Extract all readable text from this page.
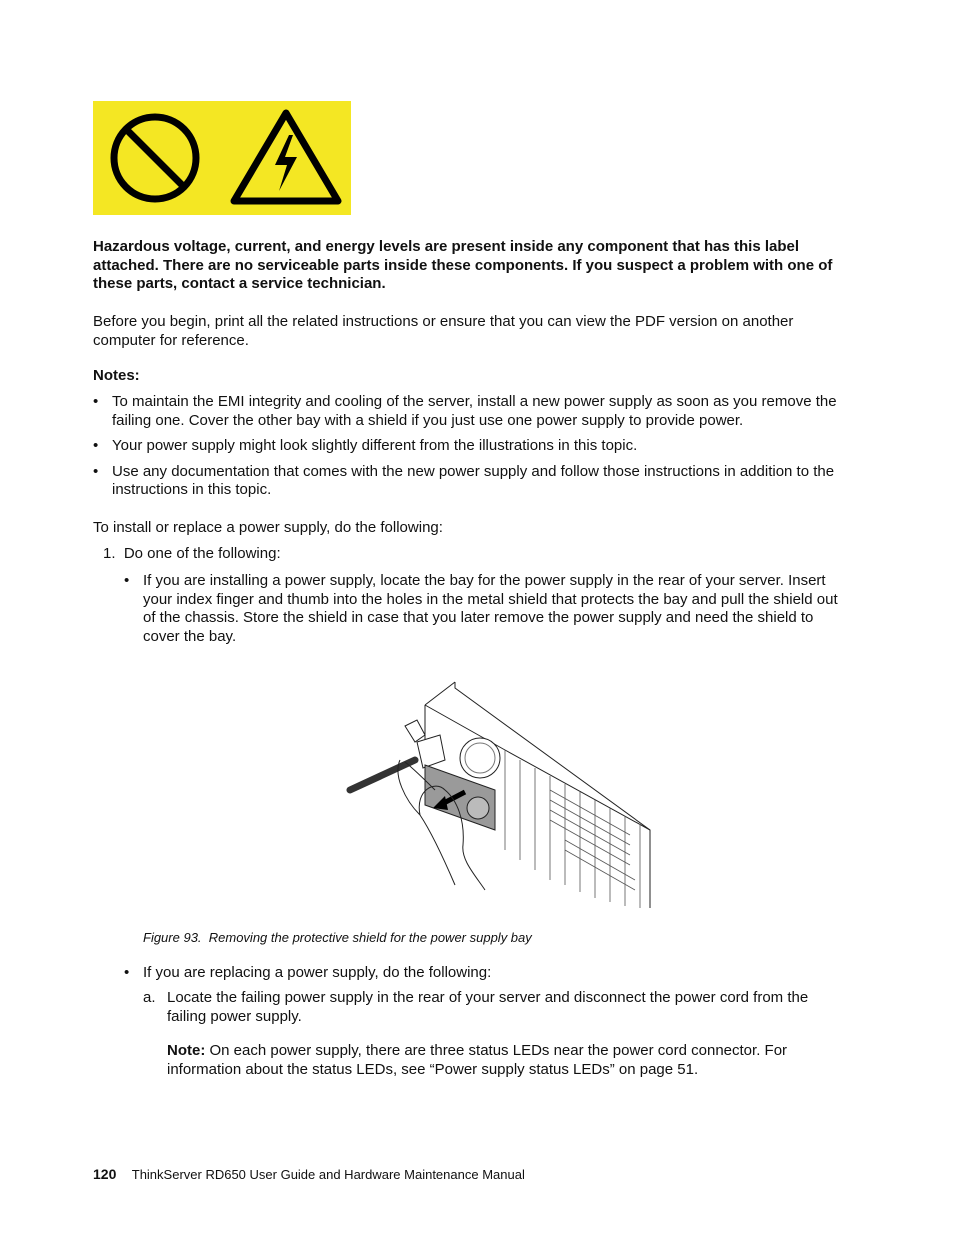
Hazardous voltage, current, and energy levels are present inside any component that has this label attached. There are no serviceable parts inside these components. If you suspect a problem with one of these parts, contact a service technician.
Before you begin, print all the related instructions or ensure that you can view the PDF version on another computer for reference.
Notes:
• To maintain the EMI integrity and cooling of the server, install a new power supply as soon as you remove the failing one. Cover the other bay with a shield if you just use one power supply to provide power.
• Your power supply might look slightly different from the illustrations in this topic.
• Use any documentation that comes with the new power supply and follow those instructions in addition to the instructions in this topic.
To install or replace a power supply, do the following:
1.  Do one of the following:
• If you are installing a power supply, locate the bay for the power supply in the rear of your server. Insert your index finger and thumb into the holes in the metal shield that protects the bay and pull the shield out of the chassis. Store the shield in case that you later remove the power supply and need the shield to cover the bay.
Figure 93.  Removing the protective shield for the power supply bay
• If you are replacing a power supply, do the following:
a. Locate the failing power supply in the rear of your server and disconnect the power cord from the failing power supply.
Note: On each power supply, there are three status LEDs near the power cord connector. For information about the status LEDs, see “Power supply status LEDs” on page 51.
120 ThinkServer RD650 User Guide and Hardware Maintenance Manual
